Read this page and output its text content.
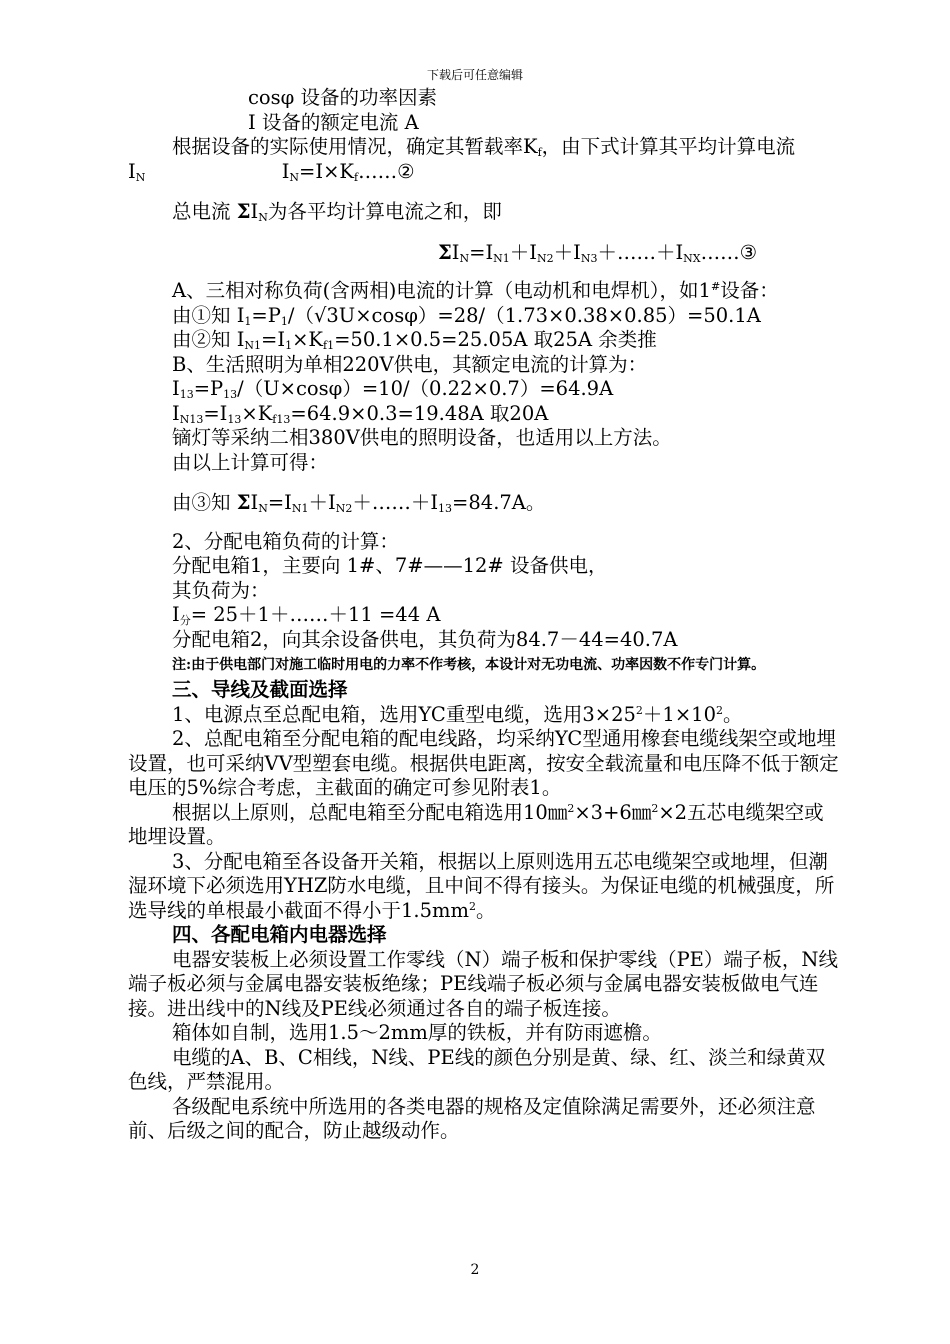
下载后可任意编辑

cosφ 设备的功率因素

I 设备的额定电流 A

根据设备的实际使用情况，确定其暂载率$K_f$，由下式计算其平均计算电流$I_N$	$I_N=I\times K_f\dots\dots ②$

总电流 $\Sigma I_N$为各平均计算电流之和，即

$\Sigma I_N=I_{N1}+I_{N2}+I_{N3}+\dots\dots+I_{NX}\dots\dots ③$

A、三相对称负荷(含两相)电流的计算（电动机和电焊机），如1#设备：

由①知 $I_1=P_1/(√3U\times\cos\varphi)=28/(1.73\times 0.38\times 0.85)=50.1A$

由②知 $I_{N1}=I_1\times K_{f1}=50.1\times 0.5=25.05A$ 取25A 余类推

B、生活照明为单相220V供电，其额定电流的计算为：

$I_{13}=P_{13}/(U\times\cos\varphi)=10/(0.22\times 0.7)=64.9A$

$I_{N13}=I_{13}\times K_{f13}=64.9\times 0.3=19.48A$ 取20A

镝灯等采纳二相380V供电的照明设备，也适用以上方法。

由以上计算可得：

由③知 $\Sigma I_N=I_{N1}+I_{N2}+\dots\dots+I_{13}=84.7A$。

2、分配电箱负荷的计算：

分配电箱1，主要向 1#、7#——12# 设备供电，

其负荷为：

$I_分=$ 25＋1＋……＋11 =44 A

分配电箱2，向其余设备供电，其负荷为84.7－44=40.7A

注:由于供电部门对施工临时用电的力率不作考核，本设计对无功电流、功率因数不作专门计算。

三、导线及截面选择

1、电源点至总配电箱，选用YC重型电缆，选用$3\times 25^2+1\times 10^2$。

2、总配电箱至分配电箱的配电线路，均采纳YC型通用橡套电缆线架空或地埋设置，也可采纳VV型塑套电缆。根据供电距离，按安全载流量和电压降不低于额定电压的5%综合考虑，主截面的确定可参见附表1。

根据以上原则，总配电箱至分配电箱选用10㎜$^2$×3+6㎜$^2$×2五芯电缆架空或地埋设置。

3、分配电箱至各设备开关箱，根据以上原则选用五芯电缆架空或地埋，但潮湿环境下必须选用YHZ防水电缆，且中间不得有接头。为保证电缆的机械强度，所选导线的单根最小截面不得小于$1.5mm^2$。

四、各配电箱内电器选择

电器安装板上必须设置工作零线（N）端子板和保护零线（PE）端子板，N线端子板必须与金属电器安装板绝缘；PE线端子板必须与金属电器安装板做电气连接。进出线中的N线及PE线必须通过各自的端子板连接。

箱体如自制，选用1.5～2mm厚的铁板，并有防雨遮檐。

电缆的A、B、C相线，N线、PE线的颜色分别是黄、绿、红、淡兰和绿黄双色线，严禁混用。

各级配电系统中所选用的各类电器的规格及定值除满足需要外，还必须注意前、后级之间的配合，防止越级动作。

2
